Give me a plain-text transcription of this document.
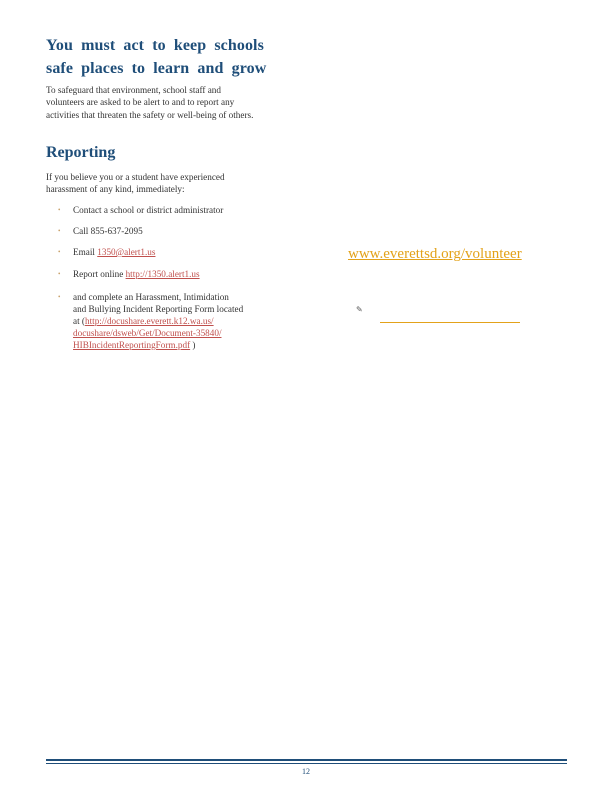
You must act to keep schools
safe places to learn and grow
To safeguard that environment, school staff and
volunteers are asked to be alert to and to report any
activities that threaten the safety or well-being of others.
Reporting
If you believe you or a student have experienced
harassment of any kind, immediately:
• Contact a school or district administrator
• Call 855-637-2095
• Email 1350@alert1.us
• Report online http://1350.alert1.us
• and complete an Harassment, Intimidation
and Bullying Incident Reporting Form located
at (http://docushare.everett.k12.wa.us/
docushare/dsweb/Get/Document-35840/
HIBIncidentReportingForm.pdf )
www.everettsd.org/volunteer
✎
12
